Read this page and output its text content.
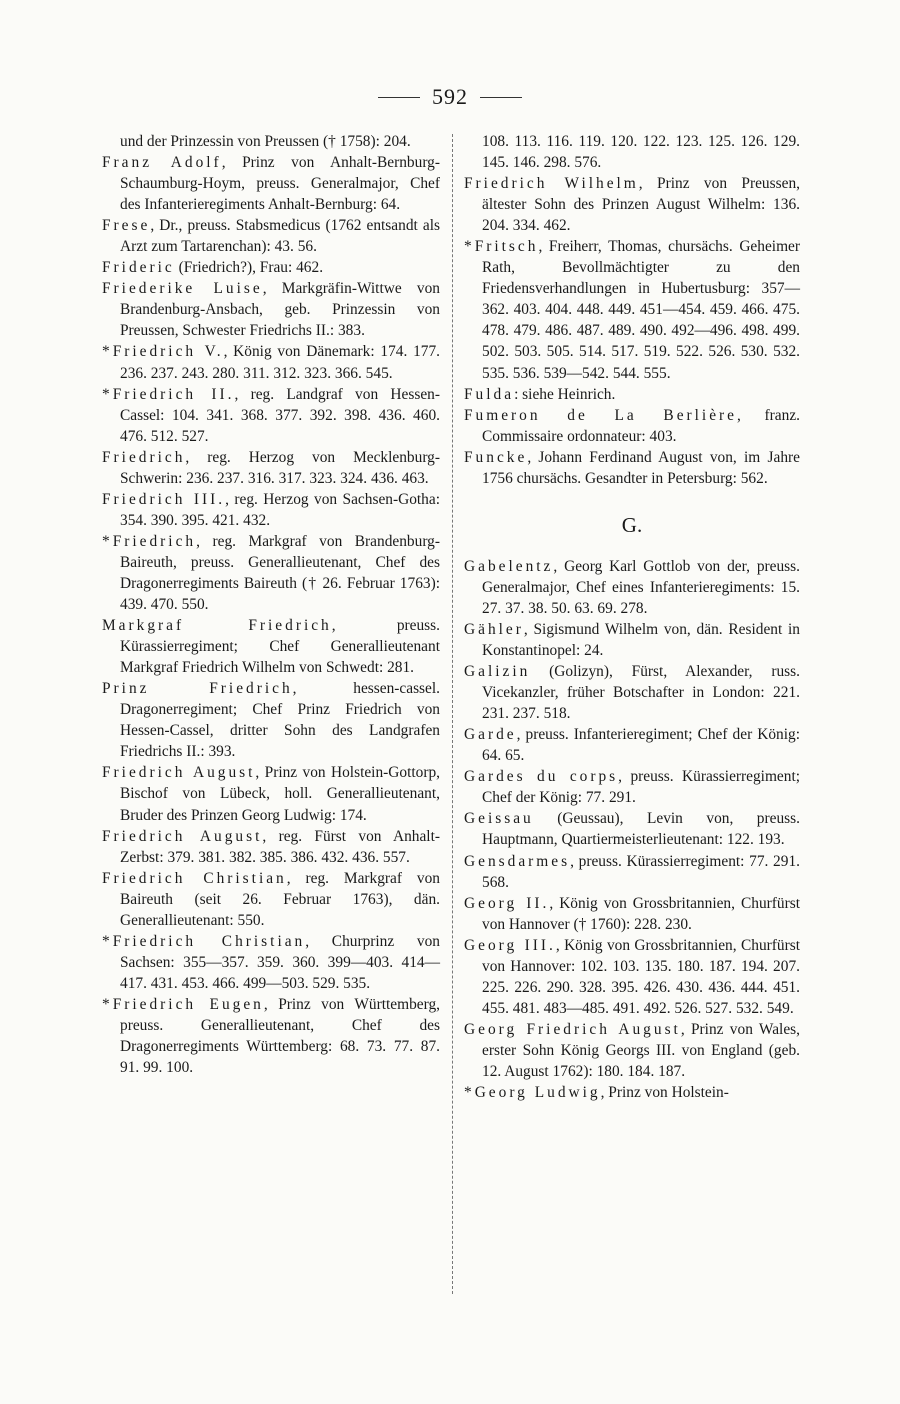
592
und der Prinzessin von Preussen († 1758): 204.
Franz Adolf, Prinz von Anhalt-Bernburg-Schaumburg-Hoym, preuss. Generalmajor, Chef des Infanterieregiments Anhalt-Bernburg: 64.
Frese, Dr., preuss. Stabsmedicus (1762 entsandt als Arzt zum Tartarenchan): 43. 56.
Frideric (Friedrich?), Frau: 462.
Friederike Luise, Markgräfin-Wittwe von Brandenburg-Ansbach, geb. Prinzessin von Preussen, Schwester Friedrichs II.: 383.
*Friedrich V., König von Dänemark: 174. 177. 236. 237. 243. 280. 311. 312. 323. 366. 545.
*Friedrich II., reg. Landgraf von Hessen-Cassel: 104. 341. 368. 377. 392. 398. 436. 460. 476. 512. 527.
Friedrich, reg. Herzog von Mecklenburg-Schwerin: 236. 237. 316. 317. 323. 324. 436. 463.
Friedrich III., reg. Herzog von Sachsen-Gotha: 354. 390. 395. 421. 432.
*Friedrich, reg. Markgraf von Brandenburg-Baireuth, preuss. Generallieutenant, Chef des Dragonerregiments Baireuth († 26. Februar 1763): 439. 470. 550.
Markgraf Friedrich, preuss. Kürassierregiment; Chef Generallieutenant Markgraf Friedrich Wilhelm von Schwedt: 281.
Prinz Friedrich, hessen-cassel. Dragonerregiment; Chef Prinz Friedrich von Hessen-Cassel, dritter Sohn des Landgrafen Friedrichs II.: 393.
Friedrich August, Prinz von Holstein-Gottorp, Bischof von Lübeck, holl. Generallieutenant, Bruder des Prinzen Georg Ludwig: 174.
Friedrich August, reg. Fürst von Anhalt-Zerbst: 379. 381. 382. 385. 386. 432. 436. 557.
Friedrich Christian, reg. Markgraf von Baireuth (seit 26. Februar 1763), dän. Generallieutenant: 550.
*Friedrich Christian, Churprinz von Sachsen: 355—357. 359. 360. 399—403. 414—417. 431. 453. 466. 499—503. 529. 535.
*Friedrich Eugen, Prinz von Württemberg, preuss. Generallieutenant, Chef des Dragonerregiments Württemberg: 68. 73. 77. 87. 91. 99. 100.
108. 113. 116. 119. 120. 122. 123. 125. 126. 129. 145. 146. 298. 576.
Friedrich Wilhelm, Prinz von Preussen, ältester Sohn des Prinzen August Wilhelm: 136. 204. 334. 462.
*Fritsch, Freiherr, Thomas, chursächs. Geheimer Rath, Bevollmächtigter zu den Friedensverhandlungen in Hubertusburg: 357—362. 403. 404. 448. 449. 451—454. 459. 466. 475. 478. 479. 486. 487. 489. 490. 492—496. 498. 499. 502. 503. 505. 514. 517. 519. 522. 526. 530. 532. 535. 536. 539—542. 544. 555.
Fulda: siehe Heinrich.
Fumeron de La Berlière, franz. Commissaire ordonnateur: 403.
Funcke, Johann Ferdinand August von, im Jahre 1756 chursächs. Gesandter in Petersburg: 562.
G.
Gabelentz, Georg Karl Gottlob von der, preuss. Generalmajor, Chef eines Infanterieregiments: 15. 27. 37. 38. 50. 63. 69. 278.
Gähler, Sigismund Wilhelm von, dän. Resident in Konstantinopel: 24.
Galizin (Golizyn), Fürst, Alexander, russ. Vicekanzler, früher Botschafter in London: 221. 231. 237. 518.
Garde, preuss. Infanterieregiment; Chef der König: 64. 65.
Gardes du corps, preuss. Kürassierregiment; Chef der König: 77. 291.
Geissau (Geussau), Levin von, preuss. Hauptmann, Quartiermeisterlieutenant: 122. 193.
Gensdarmes, preuss. Kürassierregiment: 77. 291. 568.
Georg II., König von Grossbritannien, Churfürst von Hannover († 1760): 228. 230.
Georg III., König von Grossbritannien, Churfürst von Hannover: 102. 103. 135. 180. 187. 194. 207. 225. 226. 290. 328. 395. 426. 430. 436. 444. 451. 455. 481. 483—485. 491. 492. 526. 527. 532. 549.
Georg Friedrich August, Prinz von Wales, erster Sohn König Georgs III. von England (geb. 12. August 1762): 180. 184. 187.
*Georg Ludwig, Prinz von Holstein-
